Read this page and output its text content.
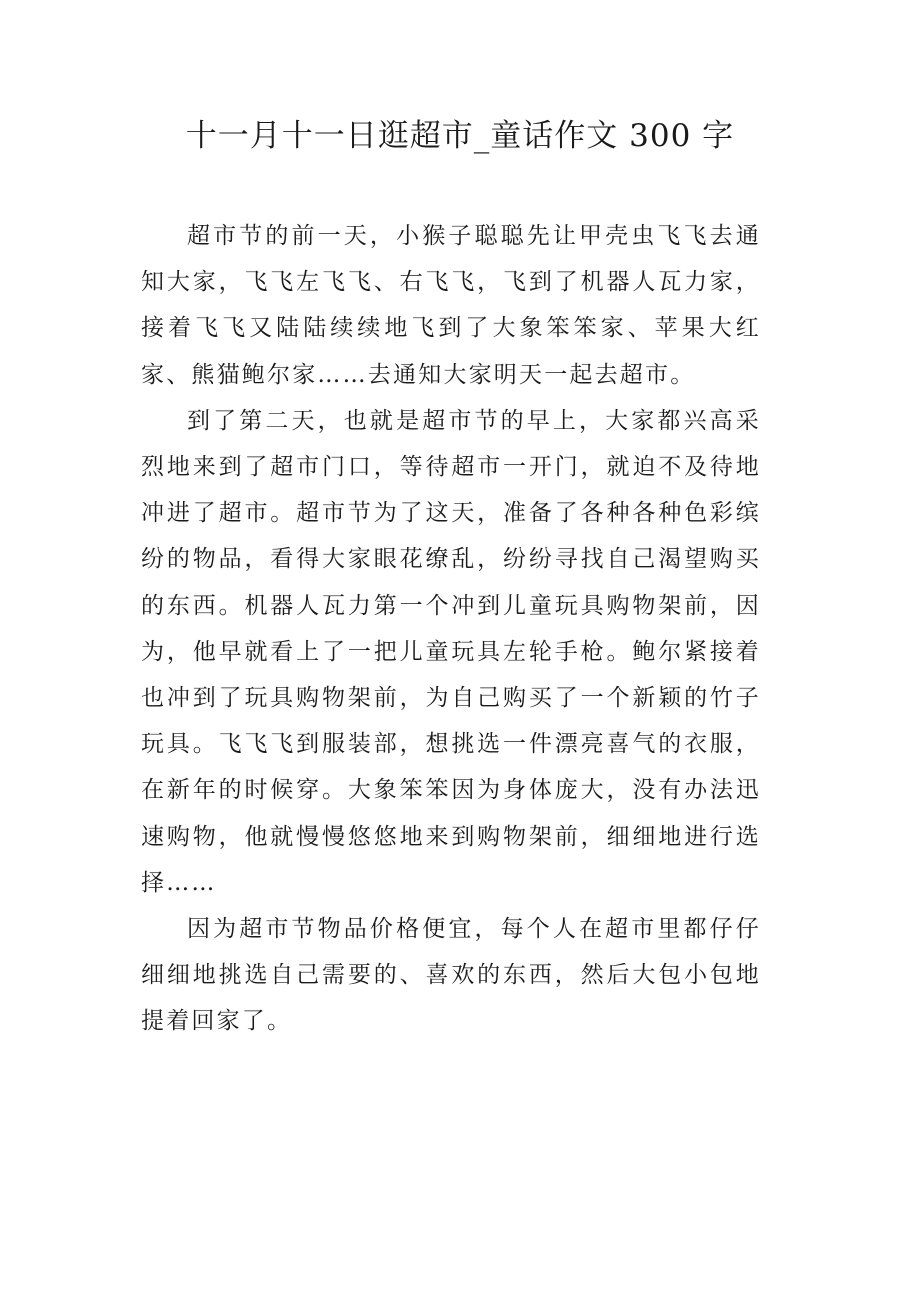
十一月十一日逛超市_童话作文 300 字

超市节的前一天，小猴子聪聪先让甲壳虫飞飞去通知大家，飞飞左飞飞、右飞飞，飞到了机器人瓦力家，接着飞飞又陆陆续续地飞到了大象笨笨家、苹果大红家、熊猫鲍尔家……去通知大家明天一起去超市。

到了第二天，也就是超市节的早上，大家都兴高采烈地来到了超市门口，等待超市一开门，就迫不及待地冲进了超市。超市节为了这天，准备了各种各种色彩缤纷的物品，看得大家眼花缭乱，纷纷寻找自己渴望购买的东西。机器人瓦力第一个冲到儿童玩具购物架前，因为，他早就看上了一把儿童玩具左轮手枪。鲍尔紧接着也冲到了玩具购物架前，为自己购买了一个新颖的竹子玩具。飞飞飞到服装部，想挑选一件漂亮喜气的衣服，在新年的时候穿。大象笨笨因为身体庞大，没有办法迅速购物，他就慢慢悠悠地来到购物架前，细细地进行选择……

因为超市节物品价格便宜，每个人在超市里都仔仔细细地挑选自己需要的、喜欢的东西，然后大包小包地提着回家了。
